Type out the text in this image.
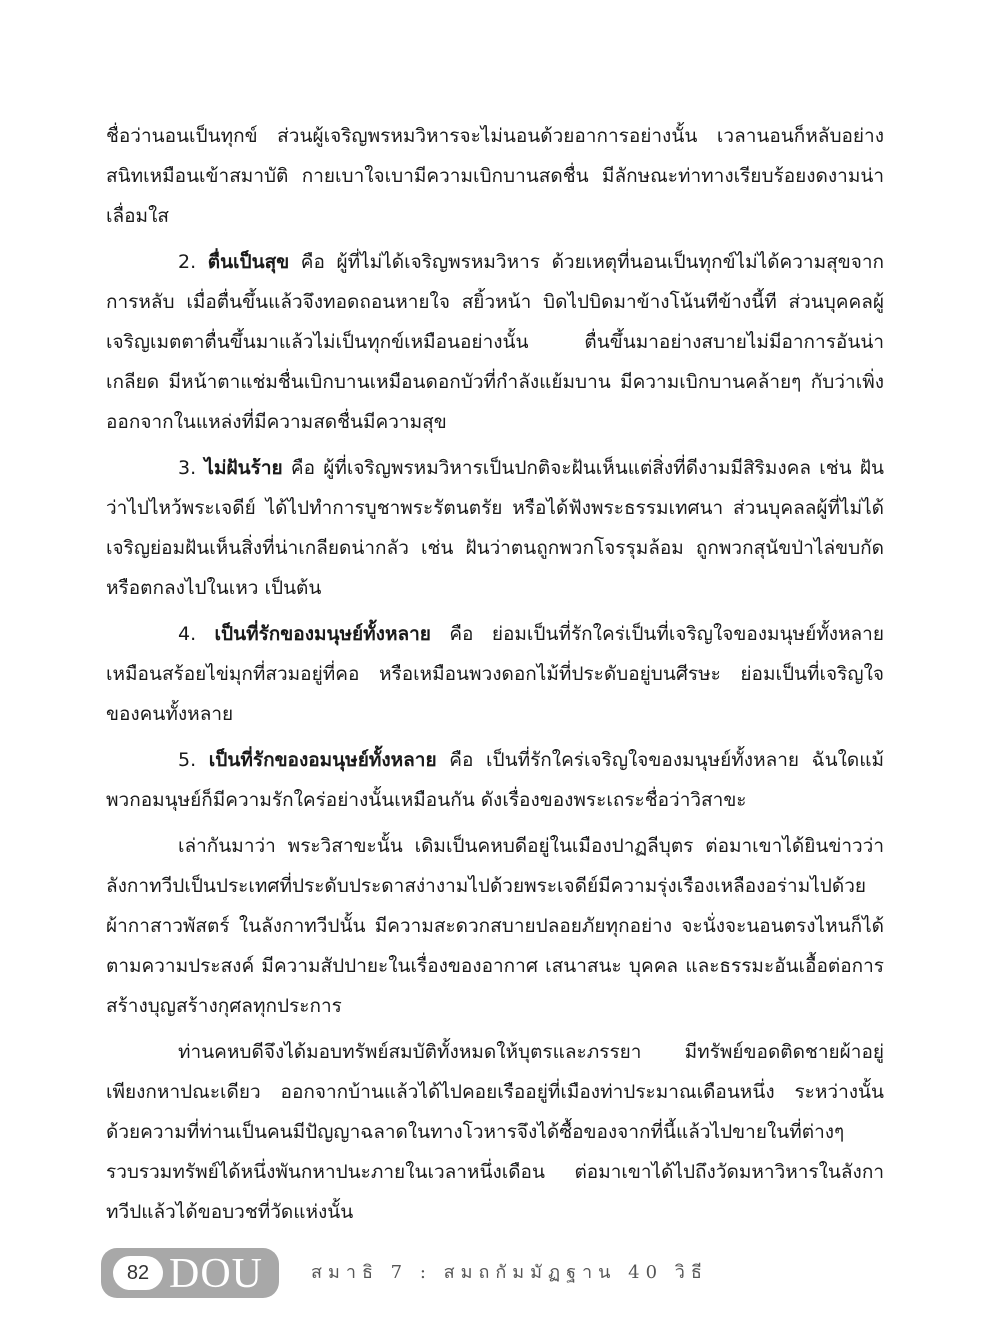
ชื่อว่านอนเป็นทุกข์ ส่วนผู้เจริญพรหมวิหารจะไม่นอนด้วยอาการอย่างนั้น เวลานอนก็หลับอย่างสนิทเหมือนเข้าสมาบัติ กายเบาใจเบามีความเบิกบานสดชื่น มีลักษณะท่าทางเรียบร้อยงดงามน่าเลื่อมใส

2. ตื่นเป็นสุข คือ ผู้ที่ไม่ได้เจริญพรหมวิหาร ด้วยเหตุที่นอนเป็นทุกข์ไม่ได้ความสุขจากการหลับ เมื่อตื่นขึ้นแล้วจึงทอดถอนหายใจ สยิ้วหน้า บิดไปบิดมาข้างโน้นทีข้างนี้ที ส่วนบุคคลผู้เจริญเมตตาตื่นขึ้นมาแล้วไม่เป็นทุกข์เหมือนอย่างนั้น ตื่นขึ้นมาอย่างสบายไม่มีอาการอันน่าเกลียด มีหน้าตาแช่มชื่นเบิกบานเหมือนดอกบัวที่กำลังแย้มบาน มีความเบิกบานคล้ายๆ กับว่าเพิ่งออกจากในแหล่งที่มีความสดชื่นมีความสุข

3. ไม่ฝันร้าย คือ ผู้ที่เจริญพรหมวิหารเป็นปกติจะฝันเห็นแต่สิ่งที่ดีงามมีสิริมงคล เช่น ฝันว่าไปไหว้พระเจดีย์ ได้ไปทำการบูชาพระรัตนตรัย หรือได้ฟังพระธรรมเทศนา ส่วนบุคลลผู้ที่ไม่ได้เจริญย่อมฝันเห็นสิ่งที่น่าเกลียดน่ากลัว เช่น ฝันว่าตนถูกพวกโจรรุมล้อม ถูกพวกสุนัขป่าไล่ขบกัดหรือตกลงไปในเหว เป็นต้น

4. เป็นที่รักของมนุษย์ทั้งหลาย คือ ย่อมเป็นที่รักใคร่เป็นที่เจริญใจของมนุษย์ทั้งหลายเหมือนสร้อยไข่มุกที่สวมอยู่ที่คอ หรือเหมือนพวงดอกไม้ที่ประดับอยู่บนศีรษะ ย่อมเป็นที่เจริญใจของคนทั้งหลาย

5. เป็นที่รักของอมนุษย์ทั้งหลาย คือ เป็นที่รักใคร่เจริญใจของมนุษย์ทั้งหลาย ฉันใดแม้พวกอมนุษย์ก็มีความรักใคร่อย่างนั้นเหมือนกัน ดังเรื่องของพระเถระชื่อว่าวิสาขะ

เล่ากันมาว่า พระวิสาขะนั้น เดิมเป็นคหบดีอยู่ในเมืองปาฏลีบุตร ต่อมาเขาได้ยินข่าวว่าลังกาทวีปเป็นประเทศที่ประดับประดาสง่างามไปด้วยพระเจดีย์มีความรุ่งเรืองเหลืองอร่ามไปด้วยผ้ากาสาวพัสตร์ ในลังกาทวีปนั้น มีความสะดวกสบายปลอยภัยทุกอย่าง จะนั่งจะนอนตรงไหนก็ได้ตามความประสงค์ มีความสัปปายะในเรื่องของอากาศ เสนาสนะ บุคคล และธรรมะอันเอื้อต่อการสร้างบุญสร้างกุศลทุกประการ

ท่านคหบดีจึงได้มอบทรัพย์สมบัติทั้งหมดให้บุตรและภรรยา มีทรัพย์ขอดติดชายผ้าอยู่เพียงกหาปณะเดียว ออกจากบ้านแล้วได้ไปคอยเรืออยู่ที่เมืองท่าประมาณเดือนหนึ่ง ระหว่างนั้นด้วยความที่ท่านเป็นคนมีปัญญาฉลาดในทางโวหารจึงได้ซื้อของจากที่นี้แล้วไปขายในที่ต่างๆ รวบรวมทรัพย์ได้หนึ่งพันกหาปนะภายในเวลาหนึ่งเดือน ต่อมาเขาได้ไปถึงวัดมหาวิหารในลังกาทวีปแล้วได้ขอบวชที่วัดแห่งนั้น

82 DOU	สมาธิ 7 : สมถกัมมัฏฐาน 40 วิธี
